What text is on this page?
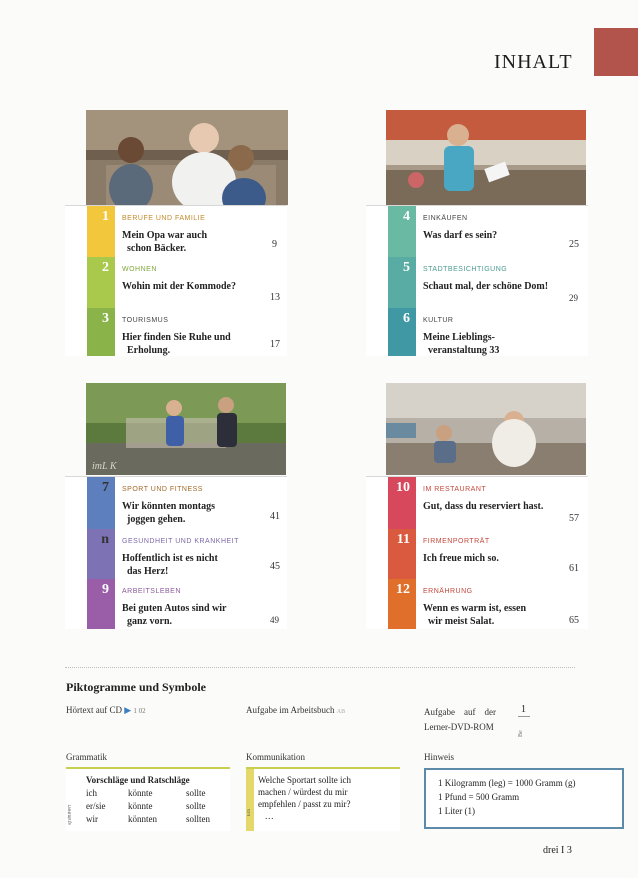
INHALT
1 BERUFE UND FAMILIE
Mein Opa war auch
schon Bäcker.	9
2 WOHNEN
Wohin mit der Kommode?
13
3 TOURISMUS
Hier finden Sie Ruhe und
Erholung.
17
4 EINKÄUFEN
Was darf es sein?
25
5 STADTBESICHTIGUNG
Schaut mal, der schöne Dom!
29
6 KULTUR
Meine Lieblings-
veranstaltung 33
imL K
7 SPORT UND FITNESS
Wir könnten montags
joggen gehen.	41
n GESUNDHEIT UND KRANKHEIT
Hoffentlich ist es nicht
das Herz!	45
9 ARBEITSLEBEN
Bei guten Autos sind wir
ganz vorn.	49
10 IM RESTAURANT
Gut, dass du reserviert hast.
57
11 FIRMENPORTRÄT
Ich freue mich so.
61
12 ERNÄHRUNG
Wenn es warm ist, essen
wir meist Salat.	65
Piktogramme und Symbole
Hörtext auf CD ▶ 1 02	Aufgabe im Arbeitsbuch AB	Aufgabe    auf    der
Lerner-DVD-ROM
1
Be
Grammatik	Kommunikation	Hinweis
ஏன்ச்சா
Vorschläge und Ratschläge
ich	könnte	sollte
er/sie	könnte	sollte
wir	könnten	sollten
Em
Welche Sportart sollte ich
machen / würdest du mir
empfehlen / passt zu mir?
…
1 Kilogramm (leg) = 1000 Gramm (g)
1 Pfund = 500 Gramm
1 Liter (1)
drei I 3
